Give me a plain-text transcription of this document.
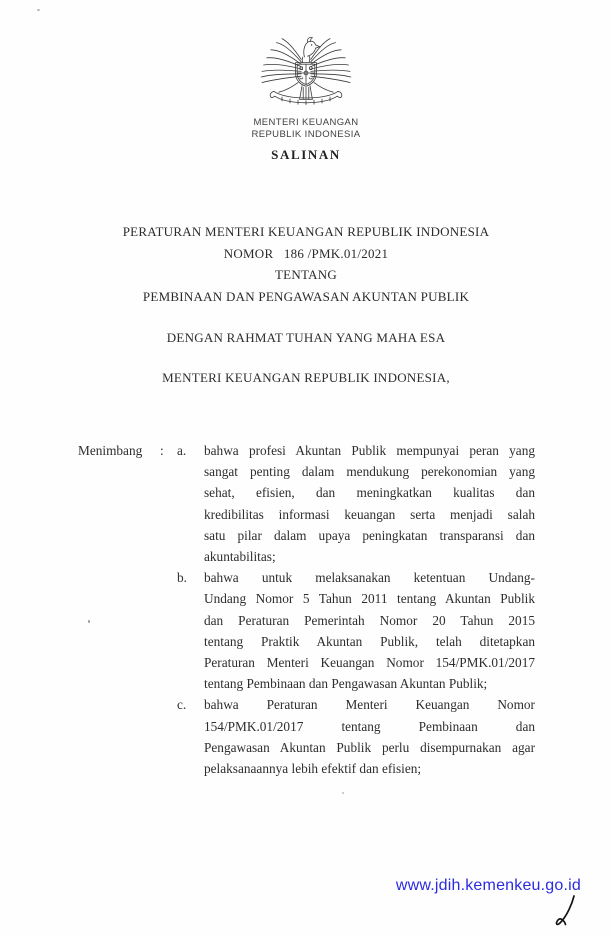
MENTERI KEUANGAN
REPUBLIK INDONESIA
SALINAN
PERATURAN MENTERI KEUANGAN REPUBLIK INDONESIA
NOMOR   186 /PMK.01/2021
TENTANG
PEMBINAAN DAN PENGAWASAN AKUNTAN PUBLIK
DENGAN RAHMAT TUHAN YANG MAHA ESA
MENTERI KEUANGAN REPUBLIK INDONESIA,
Menimbang	: a.	bahwa profesi Akuntan Publik mempunyai peran yang
sangat penting dalam mendukung perekonomian yang
sehat, efisien, dan meningkatkan kualitas dan
kredibilitas informasi keuangan serta menjadi salah
satu pilar dalam upaya peningkatan transparansi dan
akuntabilitas;
b.	bahwa untuk melaksanakan ketentuan Undang-
Undang Nomor 5 Tahun 2011 tentang Akuntan Publik
dan Peraturan Pemerintah Nomor 20 Tahun 2015
tentang Praktik Akuntan Publik, telah ditetapkan
Peraturan Menteri Keuangan Nomor 154/PMK.01/2017
tentang Pembinaan dan Pengawasan Akuntan Publik;
c.	bahwa Peraturan Menteri Keuangan Nomor
154/PMK.01/2017 tentang Pembinaan dan
Pengawasan Akuntan Publik perlu disempurnakan agar
pelaksanaannya lebih efektif dan efisien;
www.jdih.kemenkeu.go.id
